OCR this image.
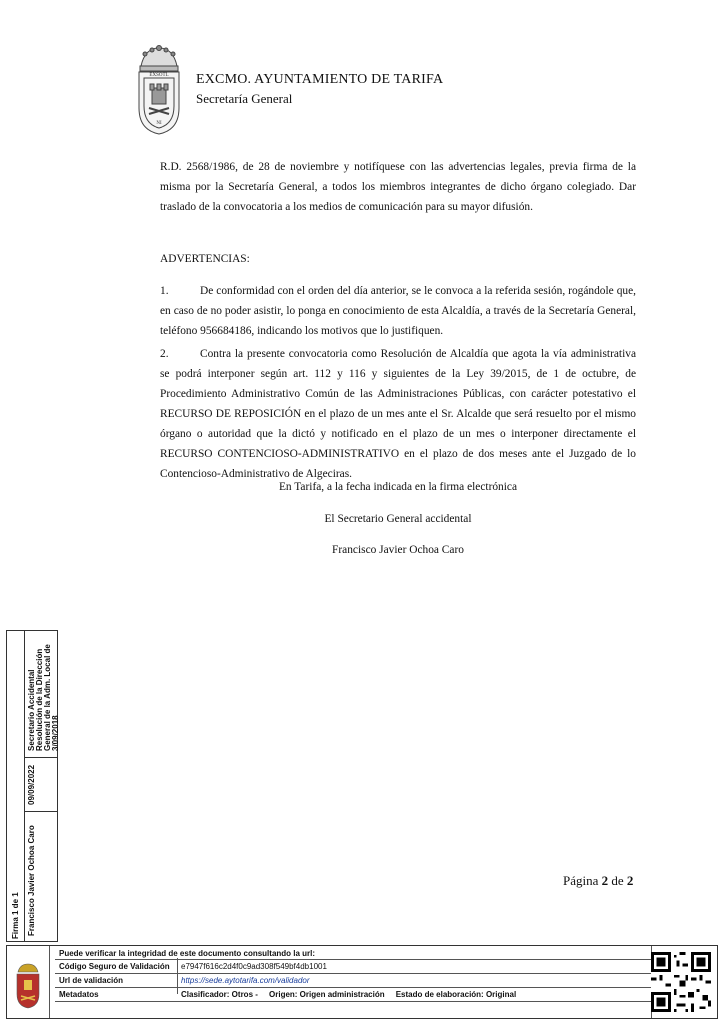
EXSOTL
NI
EXCMO. AYUNTAMIENTO DE TARIFA
Secretaría General

R.D. 2568/1986, de 28 de noviembre y notifíquese con las advertencias legales, previa firma de la misma por la Secretaría General, a todos los miembros integrantes de dicho órgano colegiado. Dar traslado de la convocatoria a los medios de comunicación para su mayor difusión.

ADVERTENCIAS:

1.	De conformidad con el orden del día anterior, se le convoca a la referida sesión, rogándole que, en caso de no poder asistir, lo ponga en conocimiento de esta Alcaldía, a través de la Secretaría General, teléfono 956684186, indicando los motivos que lo justifiquen.

2.	Contra la presente convocatoria como Resolución de Alcaldía que agota la vía administrativa se podrá interponer según art. 112 y 116 y siguientes de la Ley 39/2015, de 1 de octubre, de Procedimiento Administrativo Común de las Administraciones Públicas, con carácter potestativo el RECURSO DE REPOSICIÓN en el plazo de un mes ante el Sr. Alcalde que será resuelto por el mismo órgano o autoridad que la dictó y notificado en el plazo de un mes o interponer directamente el RECURSO CONTENCIOSO-ADMINISTRATIVO en el plazo de dos meses ante el Juzgado de lo Contencioso-Administrativo de Algeciras.

En Tarifa, a la fecha indicada en la firma electrónica
El Secretario General accidental
Francisco Javier Ochoa Caro
Página 2 de 2
Firma 1 de 1 Francisco Javier Ochoa Caro
09/09/2022
Secretario Accidental Resolución de la Dirección General de la Adm. Local de 3/09/2018
Puede verificar la integridad de este documento consultando la url:
Código Seguro de Validación e7947f616c2d4f0c9ad308f549bf4db1001
Url de validación	https://sede.aytotarifa.com/validador
Metadatos	Clasificador: Otros -     Origen: Origen administración     Estado de elaboración: Original
